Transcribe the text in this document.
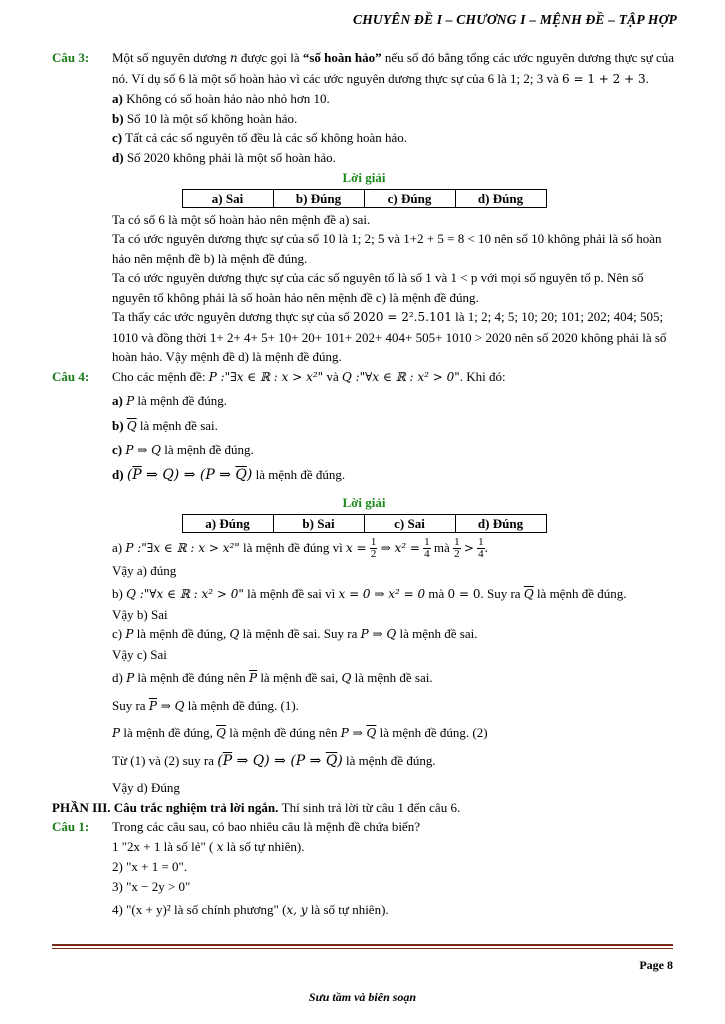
CHUYÊN ĐỀ I – CHƯƠNG I – MỆNH ĐỀ – TẬP HỢP
Câu 3:	Một số nguyên dương n được gọi là “số hoàn hảo” nếu số đó bằng tổng các ước nguyên dương thực sự của nó. Ví dụ số 6 là một số hoàn hảo vì các ước nguyên dương thực sự của 6 là 1; 2; 3 và 6 = 1 + 2 + 3.
a) Không có số hoàn hảo nào nhỏ hơn 10.
b) Số 10 là một số không hoàn hảo.
c) Tất cả các số nguyên tố đều là các số không hoàn hảo.
d) Số 2020 không phải là một số hoàn hảo.
Lời giải
a) Sai	b) Đúng	c) Đúng	d) Đúng
Ta có số 6 là một số hoàn hảo nên mệnh đề a) sai.
Ta có ước nguyên dương thực sự của số 10 là 1; 2; 5 và 1+2 + 5 = 8 < 10 nên số 10 không phải là số hoàn hảo nên mệnh đề b) là mệnh đề đúng.
Ta có ước nguyên dương thực sự của các số nguyên tố là số 1 và 1 < p với mọi số nguyên tố p. Nên số nguyên tố không phải là số hoàn hảo nên mệnh đề c) là mệnh đề đúng.
Ta thấy các ước nguyên dương thực sự của số 2020 = 2².5.101 là 1; 2; 4; 5; 10; 20; 101; 202; 404; 505; 1010 và đồng thời 1+ 2+ 4+ 5+ 10+ 20+ 101+ 202+ 404+ 505+ 1010 > 2020 nên số 2020 không phải là số hoàn hảo. Vậy mệnh đề d) là mệnh đề đúng.
Câu 4:	Cho các mệnh đề: P :"∃x ∈ ℝ : x > x²" và Q :"∀x ∈ ℝ : x² > 0". Khi đó:
a) P là mệnh đề đúng.
b) $\overline{Q}$ là mệnh đề sai.
c) P ⇒ Q là mệnh đề đúng.
d) ($\overline{P}$ ⇒ Q) ⇒ (P ⇒ $\overline{Q}$) là mệnh đề đúng.
Lời giải
a) Đúng	b) Sai	c) Sai	d) Đúng
a) P :"∃x ∈ ℝ : x > x²" là mệnh đề đúng vì $x = \frac{1}{2}$ ⇒ $x^2 = \frac{1}{4}$ mà $\frac{1}{2} > \frac{1}{4}$ .
Vậy a) đúng
b) Q :"∀x ∈ ℝ : x² > 0" là mệnh đề sai vì x = 0 ⇒ x² = 0 mà 0 = 0. Suy ra $\overline{Q}$ là mệnh đề đúng.
Vậy b) Sai
c) P là mệnh đề đúng, Q là mệnh đề sai. Suy ra P ⇒ Q là mệnh đề sai.
Vậy c) Sai
d) P là mệnh đề đúng nên $\overline{P}$ là mệnh đề sai, Q là mệnh đề sai.
Suy ra $\overline{P}$ ⇒ Q là mệnh đề đúng. (1).
P là mệnh đề đúng, $\overline{Q}$ là mệnh đề đúng nên P ⇒ $\overline{Q}$ là mệnh đề đúng. (2)
Từ (1) và (2) suy ra ($\overline{P}$ ⇒ Q) ⇒ (P ⇒ $\overline{Q}$) là mệnh đề đúng.
Vậy d) Đúng
PHẦN III. Câu trắc nghiệm trả lời ngắn. Thí sinh trả lời từ câu 1 đến câu 6.
Câu 1:	Trong các câu sau, có bao nhiêu câu là mệnh đề chứa biến?
1 "2x + 1 là số lẻ" ( x là số tự nhiên).
2) "x + 1 = 0".
3) "x − 2y > 0"
4) "(x + y)² là số chính phương" (x, y là số tự nhiên).
Page 8
Sưu tầm và biên soạn
